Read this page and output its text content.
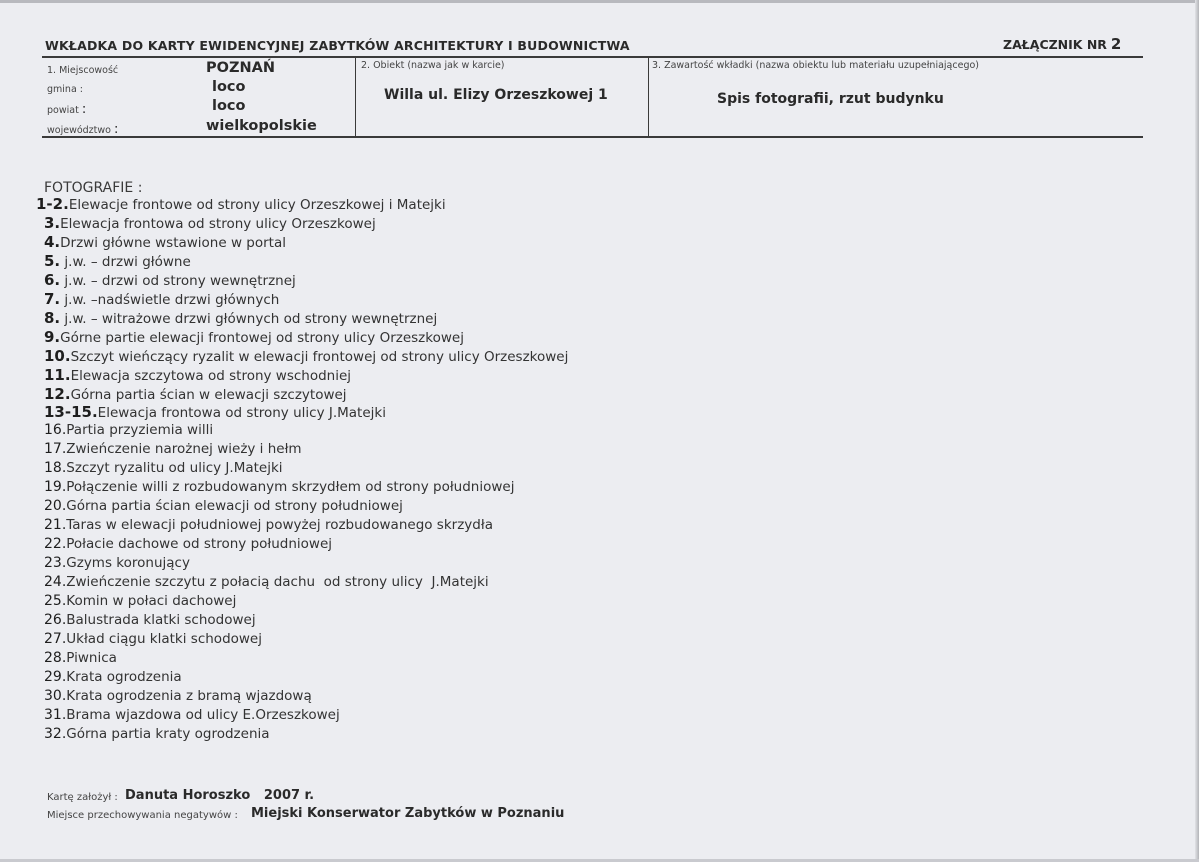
WKŁADKA DO KARTY EWIDENCYJNEJ ZABYTKÓW ARCHITEKTURY I BUDOWNICTWA	ZAŁĄCZNIK NR 2
1. Miejscowość	POZNAŃ
gmina :	loco
powiat :	loco
województwo :	wielkopolskie
2. Obiekt (nazwa jak w karcie)
Willa ul. Elizy Orzeszkowej 1
3. Zawartość wkładki (nazwa obiektu lub materiału uzupełniającego)
Spis fotografii, rzut budynku
FOTOGRAFIE :
1-2.Elewacje frontowe od strony ulicy Orzeszkowej i Matejki
3.Elewacja frontowa od strony ulicy Orzeszkowej
4.Drzwi główne wstawione w portal
5. j.w. – drzwi główne
6. j.w. – drzwi od strony wewnętrznej
7. j.w. –nadświetle drzwi głównych
8. j.w. – witrażowe drzwi głównych od strony wewnętrznej
9.Górne partie elewacji frontowej od strony ulicy Orzeszkowej
10.Szczyt wieńczący ryzalit w elewacji frontowej od strony ulicy Orzeszkowej
11.Elewacja szczytowa od strony wschodniej
12.Górna partia ścian w elewacji szczytowej
13-15.Elewacja frontowa od strony ulicy J.Matejki
16.Partia przyziemia willi
17.Zwieńczenie narożnej wieży i hełm
18.Szczyt ryzalitu od ulicy J.Matejki
19.Połączenie willi z rozbudowanym skrzydłem od strony południowej
20.Górna partia ścian elewacji od strony południowej
21.Taras w elewacji południowej powyżej rozbudowanego skrzydła
22.Połacie dachowe od strony południowej
23.Gzyms koronujący
24.Zwieńczenie szczytu z połacią dachu  od strony ulicy  J.Matejki
25.Komin w połaci dachowej
26.Balustrada klatki schodowej
27.Układ ciągu klatki schodowej
28.Piwnica
29.Krata ogrodzenia
30.Krata ogrodzenia z bramą wjazdową
31.Brama wjazdowa od ulicy E.Orzeszkowej
32.Górna partia kraty ogrodzenia
Kartę założył : Danuta Horoszko   2007 r.
Miejsce przechowywania negatywów : Miejski Konserwator Zabytków w Poznaniu
